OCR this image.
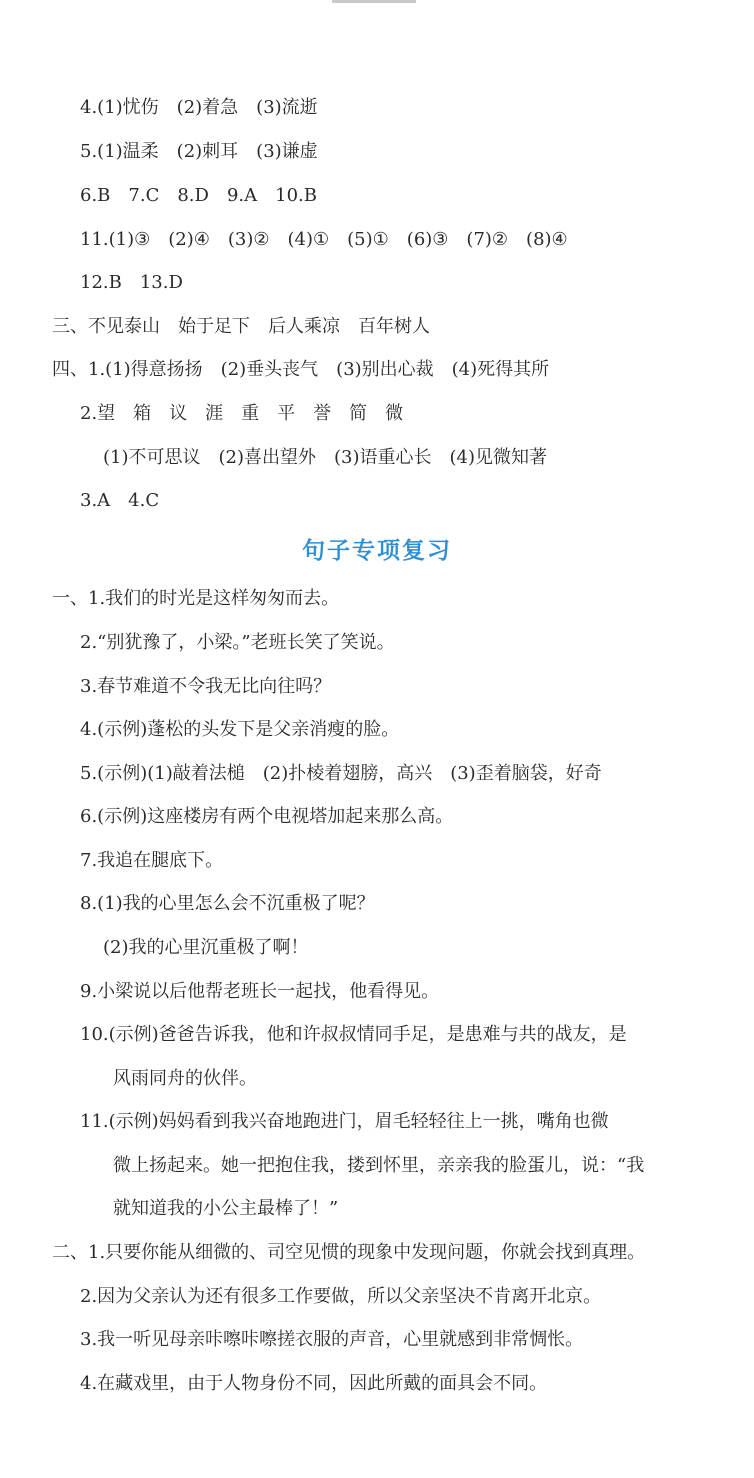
4.(1)忧伤　(2)着急　(3)流逝
5.(1)温柔　(2)刺耳　(3)谦虚
6.B　7.C　8.D　9.A　10.B
11.(1)③　(2)④　(3)②　(4)①　(5)①　(6)③　(7)②　(8)④
12.B　13.D
三、不见泰山　始于足下　后人乘凉　百年树人
四、1.(1)得意扬扬　(2)垂头丧气　(3)别出心裁　(4)死得其所
2.望　箱　议　涯　重　平　誉　简　微
(1)不可思议　(2)喜出望外　(3)语重心长　(4)见微知著
3.A　4.C
句子专项复习
一、1.我们的时光是这样匆匆而去。
2.“别犹豫了，小梁。”老班长笑了笑说。
3.春节难道不令我无比向往吗？
4.(示例)蓬松的头发下是父亲消瘦的脸。
5.(示例)(1)敲着法槌　(2)扑棱着翅膀，高兴　(3)歪着脑袋，好奇
6.(示例)这座楼房有两个电视塔加起来那么高。
7.我追在腿底下。
8.(1)我的心里怎么会不沉重极了呢？
(2)我的心里沉重极了啊！
9.小梁说以后他帮老班长一起找，他看得见。
10.(示例)爸爸告诉我，他和许叔叔情同手足，是患难与共的战友，是
风雨同舟的伙伴。
11.(示例)妈妈看到我兴奋地跑进门，眉毛轻轻往上一挑，嘴角也微
微上扬起来。她一把抱住我，搂到怀里，亲亲我的脸蛋儿，说：“我
就知道我的小公主最棒了！”
二、1.只要你能从细微的、司空见惯的现象中发现问题，你就会找到真理。
2.因为父亲认为还有很多工作要做，所以父亲坚决不肯离开北京。
3.我一听见母亲咔嚓咔嚓搓衣服的声音，心里就感到非常惆怅。
4.在藏戏里，由于人物身份不同，因此所戴的面具会不同。
